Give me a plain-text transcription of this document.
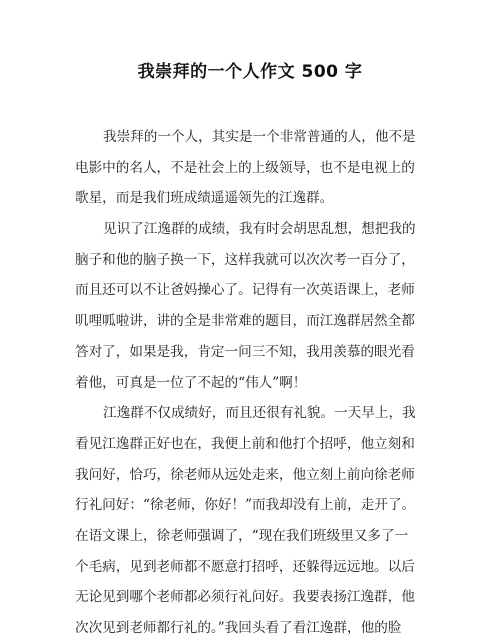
我崇拜的一个人作文 500 字
我崇拜的一个人，其实是一个非常普通的人，他不是
电影中的名人，不是社会上的上级领导，也不是电视上的
歌星，而是我们班成绩遥遥领先的江逸群。
见识了江逸群的成绩，我有时会胡思乱想，想把我的
脑子和他的脑子换一下，这样我就可以次次考一百分了，
而且还可以不让爸妈操心了。记得有一次英语课上，老师
叽哩呱啦讲，讲的全是非常难的题目，而江逸群居然全都
答对了，如果是我，肯定一问三不知，我用羡慕的眼光看
着他，可真是一位了不起的“伟人”啊！
江逸群不仅成绩好，而且还很有礼貌。一天早上，我
看见江逸群正好也在，我便上前和他打个招呼，他立刻和
我问好，恰巧，徐老师从远处走来，他立刻上前向徐老师
行礼问好：“徐老师，你好！”而我却没有上前，走开了。
在语文课上，徐老师强调了，“现在我们班级里又多了一
个毛病，见到老师都不愿意打招呼，还躲得远远地。以后
无论见到哪个老师都必须行礼问好。我要表扬江逸群，他
次次见到老师都行礼的。”我回头看了看江逸群，他的脸
